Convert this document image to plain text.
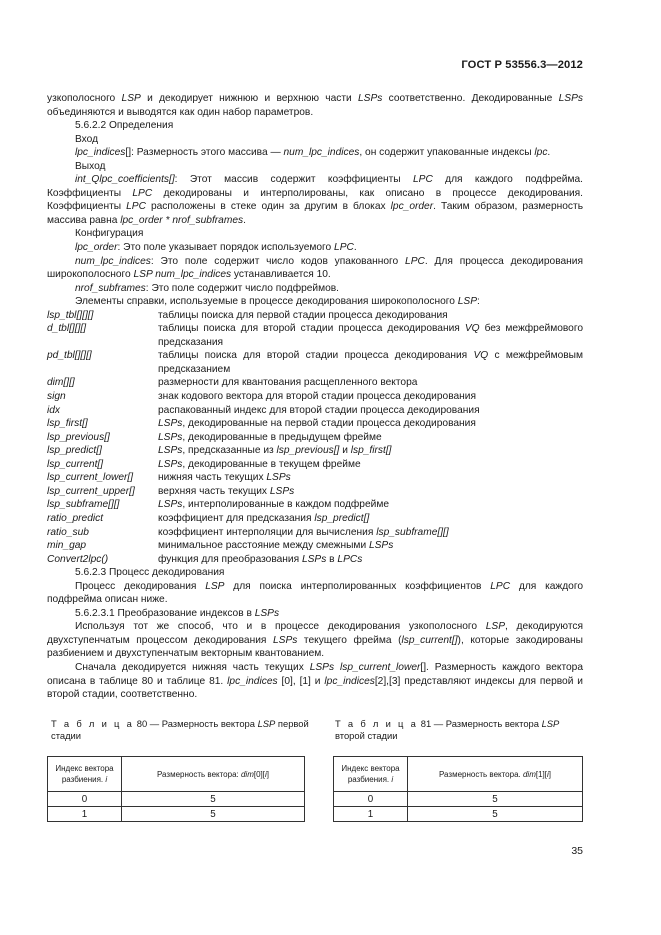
ГОСТ Р 53556.3—2012

узкополосного LSP и декодирует нижнюю и верхнюю части LSPs соответственно. Декодированные LSPs объединяются и выводятся как один набор параметров.

5.6.2.2 Определения

Вход

lpc_indices[]: Размерность этого массива — num_lpc_indices, он содержит упакованные индексы lpc.

Выход

int_Qlpc_coefficients[]: Этот массив содержит коэффициенты LPC для каждого подфрейма. Коэффициенты LPC декодированы и интерполированы, как описано в процессе декодирования. Коэффициенты LPC расположены в стеке один за другим в блоках lpc_order. Таким образом, размерность массива равна lpc_order * nrof_subframes.

Конфигурация

lpc_order: Это поле указывает порядок используемого LPC.

num_lpc_indices: Это поле содержит число кодов упакованного LPC. Для процесса декодирования широкополосного LSP num_lpc_indices устанавливается 10.

nrof_subframes: Это поле содержит число подфреймов.

Элементы справки, используемые в процессе декодирования широкополосного LSP:

lsp_tbl[][][]	таблицы поиска для первой стадии процесса декодирования
d_tbl[][][]	таблицы поиска для второй стадии процесса декодирования VQ без межфреймового предсказания
pd_tbl[][][]	таблицы поиска для второй стадии процесса декодирования VQ с межфреймовым предсказанием
dim[][]	размерности для квантования расщепленного вектора
sign	знак кодового вектора для второй стадии процесса декодирования
idx	распакованный индекс для второй стадии процесса декодирования
lsp_first[]	LSPs, декодированные на первой стадии процесса декодирования
lsp_previous[]	LSPs, декодированные в предыдущем фрейме
lsp_predict[]	LSPs, предсказанные из lsp_previous[] и lsp_first[]
lsp_current[]	LSPs, декодированные в текущем фрейме
lsp_current_lower[]	нижняя часть текущих LSPs
lsp_current_upper[]	верхняя часть текущих LSPs
lsp_subframe[][]	LSPs, интерполированные в каждом подфрейме
ratio_predict	коэффициент для предсказания lsp_predict[]
ratio_sub	коэффициент интерполяции для вычисления lsp_subframe[][]
min_gap	минимальное расстояние между смежными LSPs
Convert2lpc()	функция для преобразования LSPs в LPCs

5.6.2.3 Процесс декодирования

Процесс декодирования LSP для поиска интерполированных коэффициентов LPC для каждого подфрейма описан ниже.

5.6.2.3.1 Преобразование индексов в LSPs

Используя тот же способ, что и в процессе декодирования узкополосного LSP, декодируются двухступенчатым процессом декодирования LSPs текущего фрейма (lsp_current[]), которые закодированы разбиением и двухступенчатым векторным квантованием.

Сначала декодируется нижняя часть текущих LSPs lsp_current_lower[]. Размерность каждого вектора описана в таблице 80 и таблице 81. lpc_indices [0], [1] и lpc_indices[2],[3] представляют индексы для первой и второй стадии, соответственно.

Т а б л и ц а 80 — Размерность вектора LSP первой стадии
Т а б л и ц а 81 — Размерность вектора LSP второй стадии
Индекс вектора разбиения. i	Размерность вектора: dim[0][i]
0	5
1	5
Индекс вектора разбиения. i	Размерность вектора. dim[1][i]
0	5
1	5
35
